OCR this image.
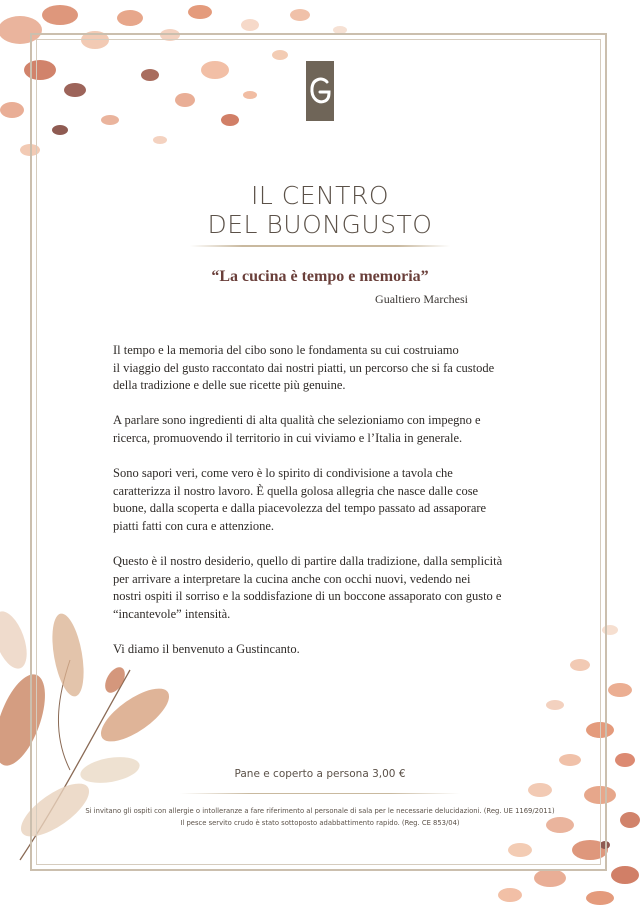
IL CENTRO
DEL BUONGUSTO
“La cucina è tempo e memoria”
Gualtiero Marchesi

Il tempo e la memoria del cibo sono le fondamenta su cui costruiamo
il viaggio del gusto raccontato dai nostri piatti, un percorso che si fa custode
della tradizione e delle sue ricette più genuine.

A parlare sono ingredienti di alta qualità che selezioniamo con impegno e
ricerca, promuovendo il territorio in cui viviamo e l’Italia in generale.

Sono sapori veri, come vero è lo spirito di condivisione a tavola che
caratterizza il nostro lavoro. È quella golosa allegria che nasce dalle cose
buone, dalla scoperta e dalla piacevolezza del tempo passato ad assaporare
piatti fatti con cura e attenzione.

Questo è il nostro desiderio, quello di partire dalla tradizione, dalla semplicità
per arrivare a interpretare la cucina anche con occhi nuovi, vedendo nei
nostri ospiti il sorriso e la soddisfazione di un boccone assaporato con gusto e
“incantevole” intensità.

Vi diamo il benvenuto a Gustincanto.

Pane e coperto a persona 3,00 €
Si invitano gli ospiti con allergie o intolleranze a fare riferimento al personale di sala per le necessarie delucidazioni. (Reg. UE 1169/2011)
Il pesce servito crudo è stato sottoposto adabbattimento rapido. (Reg. CE 853/04)
